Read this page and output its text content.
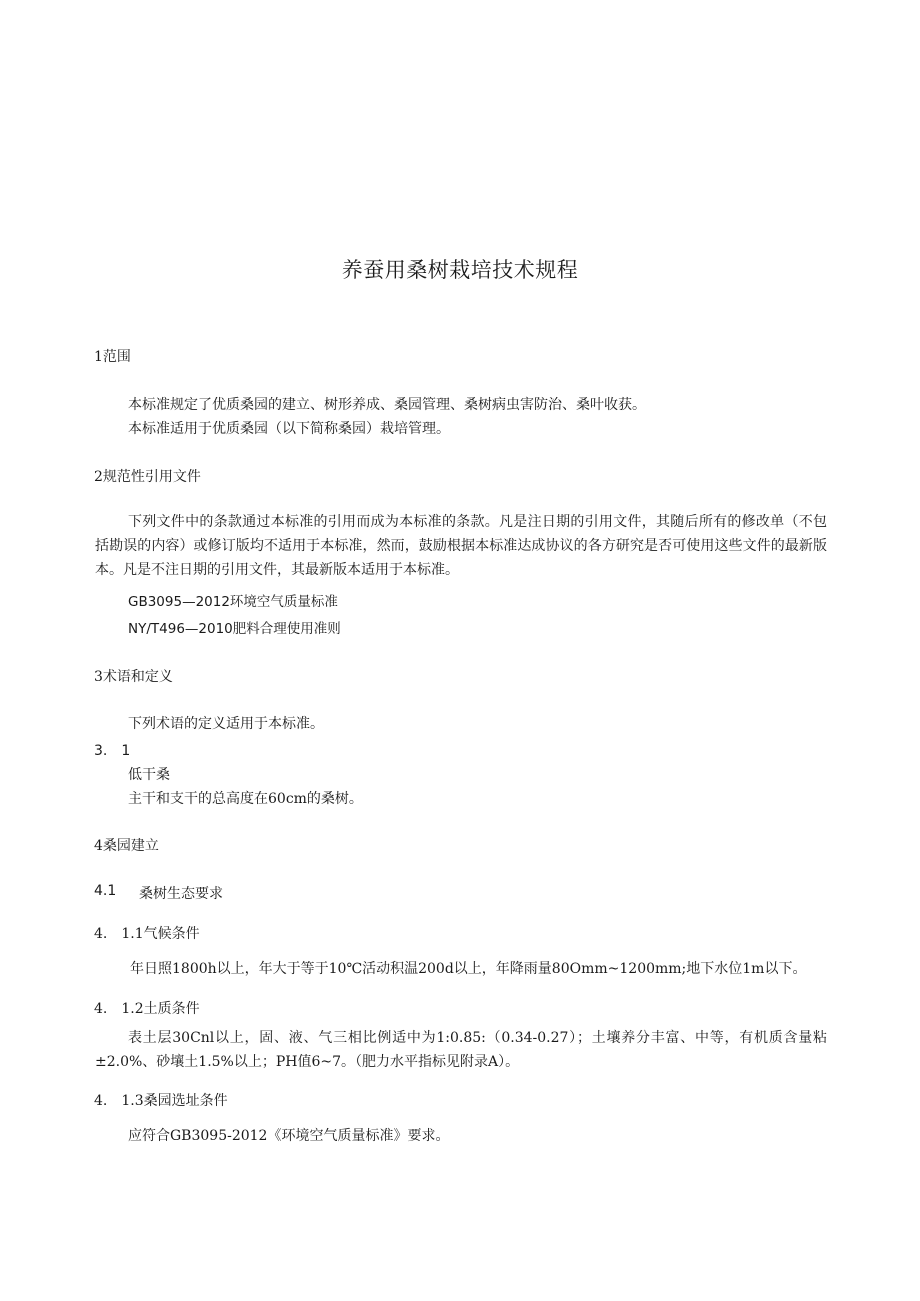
养蚕用桑树栽培技术规程
1范围
本标准规定了优质桑园的建立、树形养成、桑园管理、桑树病虫害防治、桑叶收获。
本标准适用于优质桑园（以下简称桑园）栽培管理。
2规范性引用文件
下列文件中的条款通过本标准的引用而成为本标准的条款。凡是注日期的引用文件，其随后所有的修改单（不包括勘误的内容）或修订版均不适用于本标准，然而，鼓励根据本标准达成协议的各方研究是否可使用这些文件的最新版本。凡是不注日期的引用文件，其最新版本适用于本标准。
GB3095—2012环境空气质量标准
NY/T496—2010肥料合理使用准则
3术语和定义
下列术语的定义适用于本标准。
3.　1
低干桑
主干和支干的总高度在60cm的桑树。
4桑园建立
4.1 桑树生态要求
4.　1.1气候条件
年日照1800h以上，年大于等于10℃活动积温200d以上，年降雨量80Omm~1200mm;地下水位1m以下。
4.　1.2土质条件
表土层30Cnl以上，固、液、气三相比例适中为1:0.85:（0.34-0.27）；土壤养分丰富、中等，有机质含量粘±2.0%、砂壤土1.5%以上；PH值6~7。（肥力水平指标见附录A）。
4.　1.3桑园选址条件
应符合GB3095-2012《环境空气质量标准》要求。
